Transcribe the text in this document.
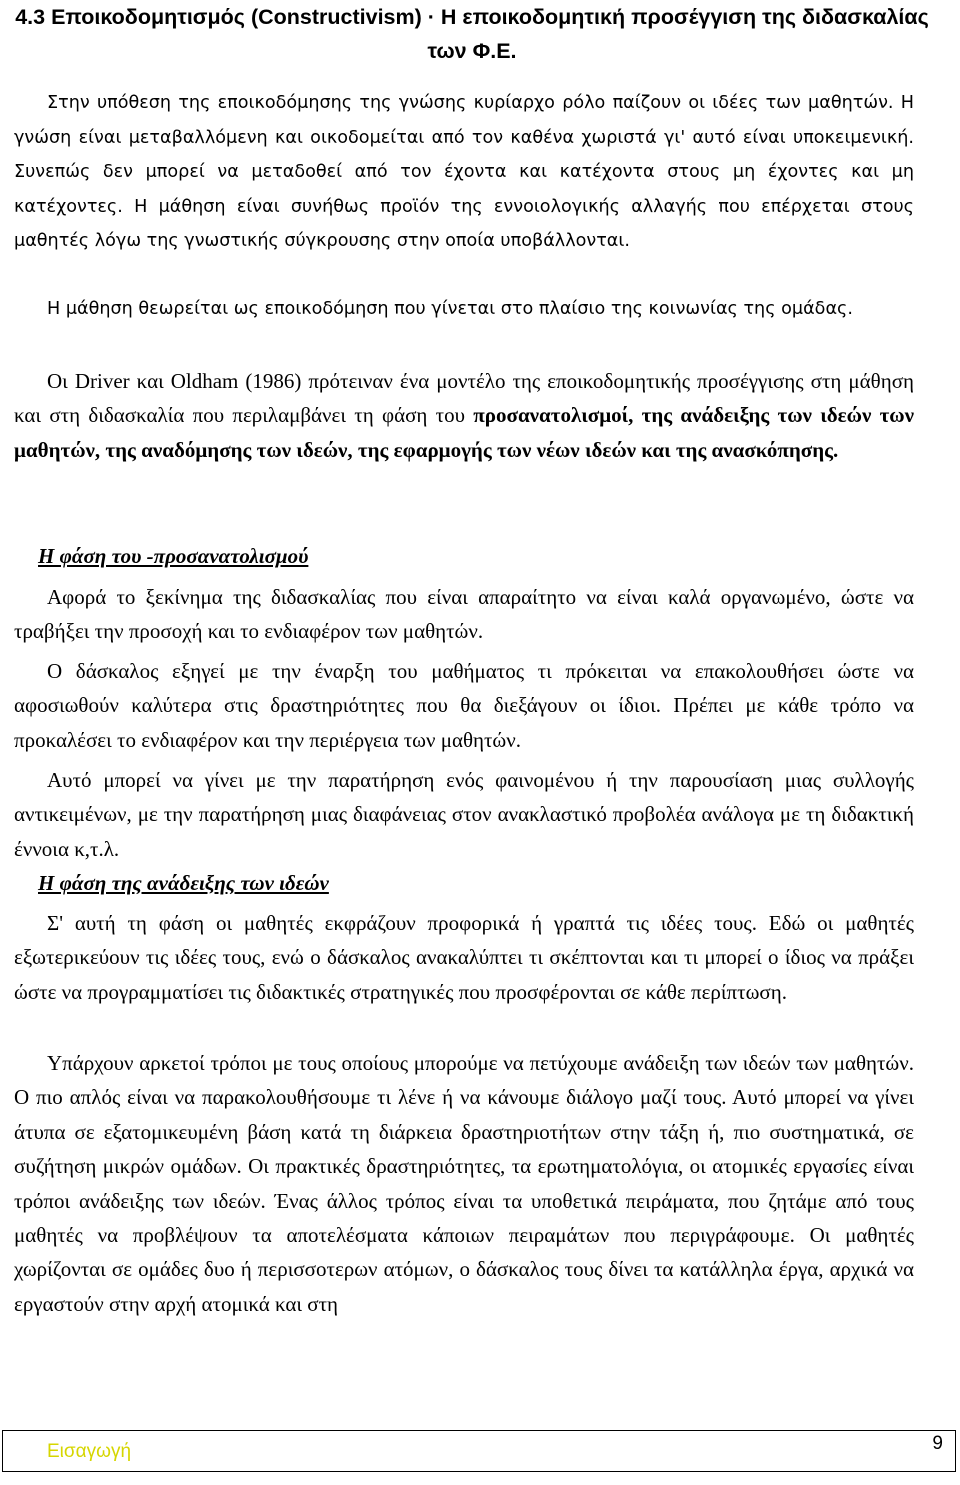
4.3 Εποικοδομητισμός (Constructivism) · Η εποικοδομητική προσέγγιση της διδασκαλίας των Φ.Ε.

Στην υπόθεση της εποικοδόμησης της γνώσης κυρίαρχο ρόλο παίζουν οι ιδέες των μαθητών. Η γνώση είναι μεταβαλλόμενη και οικοδομείται από τον καθένα χωριστά γι' αυτό είναι υποκειμενική. Συνεπώς δεν μπορεί να μεταδοθεί από τον έχοντα και κατέχοντα στους μη έχοντες και μη κατέχοντες. Η μάθηση είναι συνήθως προϊόν της εννοιολογικής αλλαγής που επέρχεται στους μαθητές λόγω της γνωστικής σύγκρουσης στην οποία υποβάλλονται.

Η μάθηση θεωρείται ως εποικοδόμηση που γίνεται στο πλαίσιο της κοινωνίας της ομάδας.

Οι Driver και Oldham (1986) πρότειναν ένα μοντέλο της εποικοδομητικής προσέγγισης στη μάθηση και στη διδασκαλία που περιλαμβάνει τη φάση του προσανατολισμοί, της ανάδειξης των ιδεών των μαθητών, της αναδόμησης των ιδεών, της εφαρμογής των νέων ιδεών και της ανασκόπησης.

Η φάση του -προσανατολισμού

Αφορά το ξεκίνημα της διδασκαλίας που είναι απαραίτητο να είναι καλά οργανωμένο, ώστε να τραβήξει την προσοχή και το ενδιαφέρον των μαθητών.

Ο δάσκαλος εξηγεί με την έναρξη του μαθήματος τι πρόκειται να επακολουθήσει ώστε να αφοσιωθούν καλύτερα στις δραστηριότητες που θα διεξάγουν οι ίδιοι. Πρέπει με κάθε τρόπο να προκαλέσει το ενδιαφέρον και την περιέργεια των μαθητών.

Αυτό μπορεί να γίνει με την παρατήρηση ενός φαινομένου ή την παρουσίαση μιας συλλογής αντικειμένων, με την παρατήρηση μιας διαφάνειας στον ανακλαστικό προβολέα ανάλογα με τη διδακτική έννοια κ,τ.λ.

Η φάση της ανάδειξης των ιδεών

Σ' αυτή τη φάση οι μαθητές εκφράζουν προφορικά ή γραπτά τις ιδέες τους. Εδώ οι μαθητές εξωτερικεύουν τις ιδέες τους, ενώ ο δάσκαλος ανακαλύπτει τι σκέπτονται και τι μπορεί ο ίδιος να πράξει ώστε να προγραμματίσει τις διδακτικές στρατηγικές που προσφέρονται σε κάθε περίπτωση.

Υπάρχουν αρκετοί τρόποι με τους οποίους μπορούμε να πετύχουμε ανάδειξη των ιδεών των μαθητών. Ο πιο απλός είναι να παρακολουθήσουμε τι λένε ή να κάνουμε διάλογο μαζί τους. Αυτό μπορεί να γίνει άτυπα σε εξατομικευμένη βάση κατά τη διάρκεια δραστηριοτήτων στην τάξη ή, πιο συστηματικά, σε συζήτηση μικρών ομάδων. Οι πρακτικές δραστηριότητες, τα ερωτηματολόγια, οι ατομικές εργασίες είναι τρόποι ανάδειξης των ιδεών. Ένας άλλος τρόπος είναι τα υποθετικά πειράματα, που ζητάμε από τους μαθητές να προβλέψουν τα αποτελέσματα κάποιων πειραμάτων που περιγράφουμε. Οι μαθητές χωρίζονται σε ομάδες δυο ή περισσοτερων ατόμων, ο δάσκαλος τους δίνει τα κατάλληλα έργα, αρχικά να εργαστούν στην αρχή ατομικά και στη

Εισαγωγή	9
